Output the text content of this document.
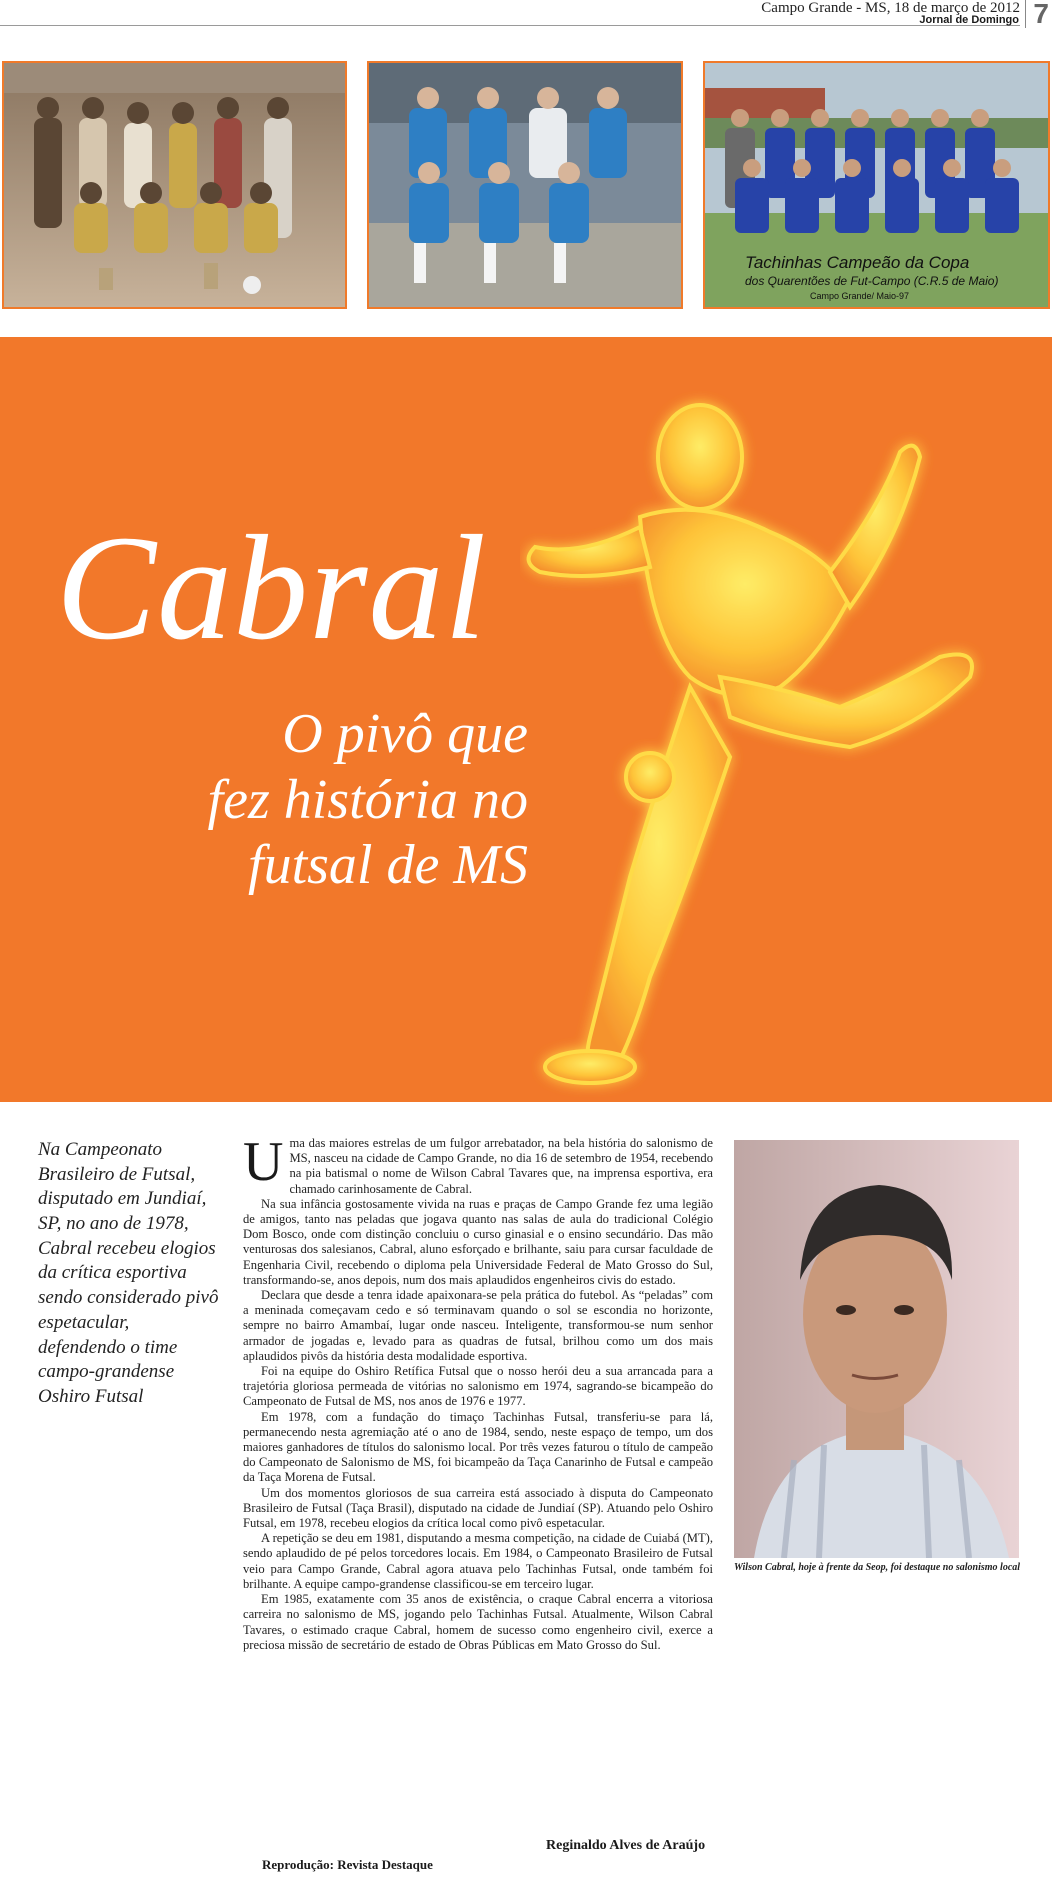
Campo Grande - MS, 18 de março de 2012
Jornal de Domingo 7
Tachinhas Campeão da Copa
dos Quarentões de Fut-Campo (C.R.5 de Maio)
Campo Grande/ Maio-97
Cabral
O pivô que
fez história no
futsal de MS
Na Campeonato Brasileiro de Futsal, disputado em Jundiaí, SP, no ano de 1978, Cabral recebeu elogios da crítica esportiva sendo considerado pivô espetacular, defendendo o time campo-grandense Oshiro Futsal

Uma das maiores estrelas de um fulgor arrebatador, na bela história do salonismo de MS, nasceu na cidade de Campo Grande, no dia 16 de setembro de 1954, recebendo na pia batismal o nome de Wilson Cabral Tavares que, na imprensa esportiva, era chamado carinhosamente de Cabral.

Na sua infância gostosamente vivida na ruas e praças de Campo Grande fez uma legião de amigos, tanto nas peladas que jogava quanto nas salas de aula do tradicional Colégio Dom Bosco, onde com distinção concluiu o curso ginasial e o ensino secundário. Das mão venturosas dos salesianos, Cabral, aluno esforçado e brilhante, saiu para cursar faculdade de Engenharia Civil, recebendo o diploma pela Universidade Federal de Mato Grosso do Sul, transformando-se, anos depois, num dos mais aplaudidos engenheiros civis do estado.

Declara que desde a tenra idade apaixonara-se pela prática do futebol. As “peladas” com a meninada começavam cedo e só terminavam quando o sol se escondia no horizonte, sempre no bairro Amambaí, lugar onde nasceu. Inteligente, transformou-se num senhor armador de jogadas e, levado para as quadras de futsal, brilhou como um dos mais aplaudidos pivôs da história desta modalidade esportiva.

Foi na equipe do Oshiro Retífica Futsal que o nosso herói deu a sua arrancada para a trajetória gloriosa permeada de vitórias no salonismo em 1974, sagrando-se bicampeão do Campeonato de Futsal de MS, nos anos de 1976 e 1977.

Em 1978, com a fundação do timaço Tachinhas Futsal, transferiu-se para lá, permanecendo nesta agremiação até o ano de 1984, sendo, neste espaço de tempo, um dos maiores ganhadores de títulos do salonismo local. Por três vezes faturou o título de campeão do Campeonato de Salonismo de MS, foi bicampeão da Taça Canarinho de Futsal e campeão da Taça Morena de Futsal.

Um dos momentos gloriosos de sua carreira está associado à disputa do Campeonato Brasileiro de Futsal (Taça Brasil), disputado na cidade de Jundiaí (SP). Atuando pelo Oshiro Futsal, em 1978, recebeu elogios da crítica local como pivô espetacular.

A repetição se deu em 1981, disputando a mesma competição, na cidade de Cuiabá (MT), sendo aplaudido de pé pelos torcedores locais. Em 1984, o Campeonato Brasileiro de Futsal veio para Campo Grande, Cabral agora atuava pelo Tachinhas Futsal, onde também foi brilhante. A equipe campo-grandense classificou-se em terceiro lugar.

Em 1985, exatamente com 35 anos de existência, o craque Cabral encerra a vitoriosa carreira no salonismo de MS, jogando pelo Tachinhas Futsal. Atualmente, Wilson Cabral Tavares, o estimado craque Cabral, homem de sucesso como engenheiro civil, exerce a preciosa missão de secretário de estado de Obras Públicas em Mato Grosso do Sul.

Wilson Cabral, hoje à frente da Seop, foi destaque no salonismo local
Reginaldo Alves de Araújo
Reprodução: Revista Destaque
